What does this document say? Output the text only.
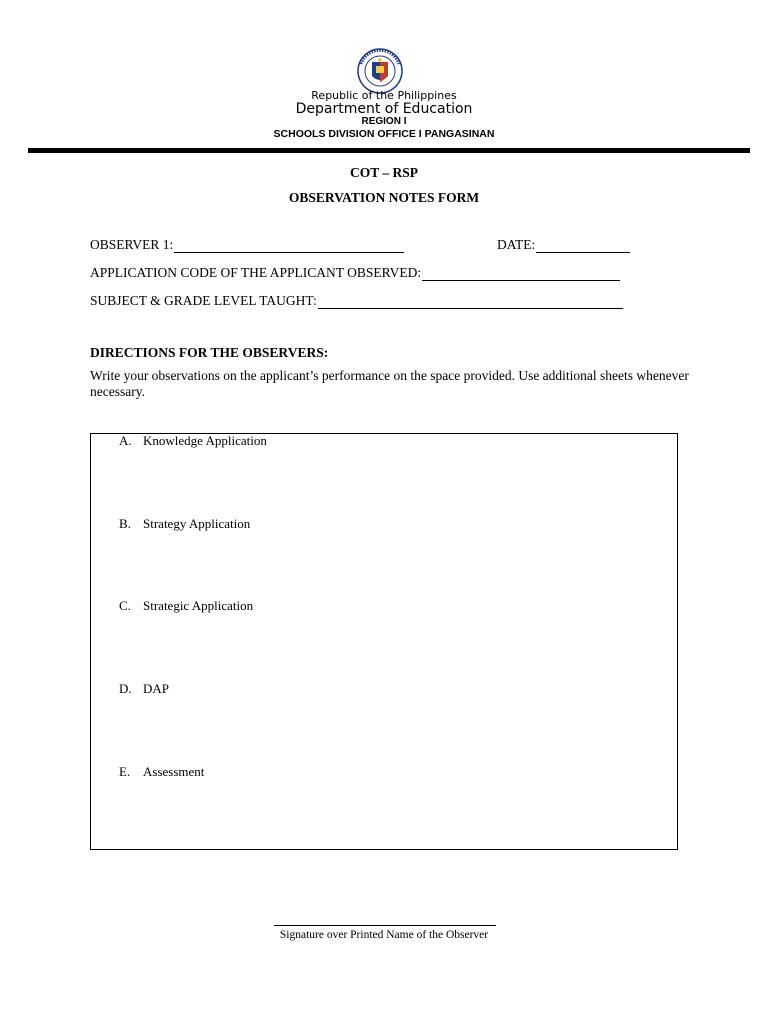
Republic of the Philippines
Department of Education
REGION I
SCHOOLS DIVISION OFFICE I PANGASINAN
COT – RSP
OBSERVATION NOTES FORM
OBSERVER 1:	DATE:
APPLICATION CODE OF THE APPLICANT OBSERVED:
SUBJECT & GRADE LEVEL TAUGHT:
DIRECTIONS FOR THE OBSERVERS:
Write your observations on the applicant’s performance on the space provided. Use additional sheets whenever necessary.
A. Knowledge Application
B. Strategy Application
C. Strategic Application
D. DAP
E. Assessment
Signature over Printed Name of the Observer
